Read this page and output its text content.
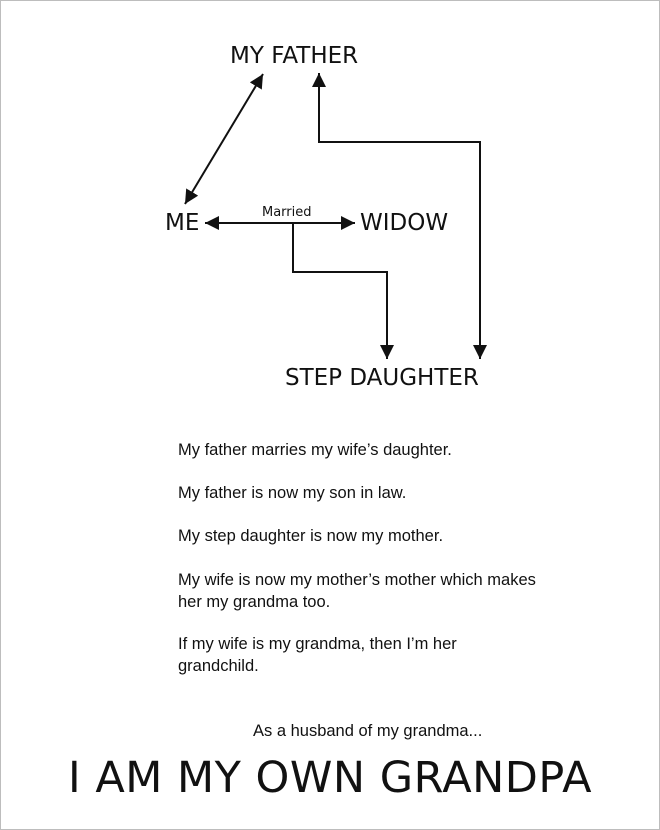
MY FATHER
ME	WIDOW
STEP DAUGHTER
Married
My father marries my wife’s daughter.
My father is now my son in law.
My step daughter is now my mother.
My wife is now my mother’s mother which makes her my grandma too.
If my wife is my grandma, then I’m her grandchild.
As a husband of my grandma...
I AM MY OWN GRANDPA
